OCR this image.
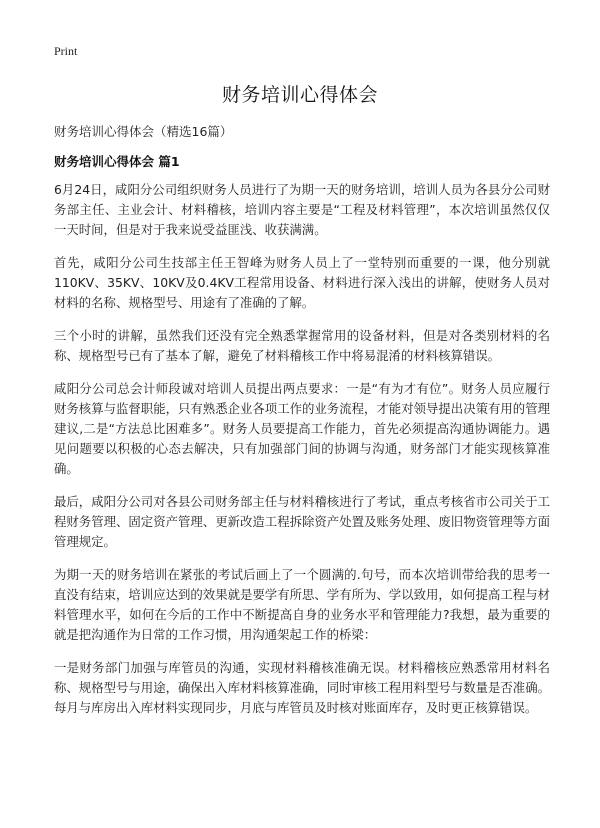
Print
财务培训心得体会
财务培训心得体会（精选16篇）
财务培训心得体会 篇1

6月24日，咸阳分公司组织财务人员进行了为期一天的财务培训，培训人员为各县分公司财务部主任、主业会计、材料稽核，培训内容主要是“工程及材料管理”，本次培训虽然仅仅一天时间，但是对于我来说受益匪浅、收获满满。

首先，咸阳分公司生技部主任王智峰为财务人员上了一堂特别而重要的一课，他分别就110KV、35KV、10KV及0.4KV工程常用设备、材料进行深入浅出的讲解，使财务人员对材料的名称、规格型号、用途有了准确的了解。

三个小时的讲解，虽然我们还没有完全熟悉掌握常用的设备材料，但是对各类别材料的名称、规格型号已有了基本了解，避免了材料稽核工作中将易混淆的材料核算错误。

咸阳分公司总会计师段诚对培训人员提出两点要求：一是“有为才有位”。财务人员应履行财务核算与监督职能，只有熟悉企业各项工作的业务流程，才能对领导提出决策有用的管理建议,二是“方法总比困难多”。财务人员要提高工作能力，首先必须提高沟通协调能力。遇见问题要以积极的心态去解决，只有加强部门间的协调与沟通，财务部门才能实现核算准确。

最后，咸阳分公司对各县公司财务部主任与材料稽核进行了考试，重点考核省市公司关于工程财务管理、固定资产管理、更新改造工程拆除资产处置及账务处理、废旧物资管理等方面管理规定。

为期一天的财务培训在紧张的考试后画上了一个圆满的.句号，而本次培训带给我的思考一直没有结束，培训应达到的效果就是要学有所思、学有所为、学以致用，如何提高工程与材料管理水平，如何在今后的工作中不断提高自身的业务水平和管理能力?我想，最为重要的就是把沟通作为日常的工作习惯，用沟通架起工作的桥梁：

一是财务部门加强与库管员的沟通，实现材料稽核准确无误。材料稽核应熟悉常用材料名称、规格型号与用途，确保出入库材料核算准确，同时审核工程用料型号与数量是否准确。每月与库房出入库材料实现同步，月底与库管员及时核对账面库存，及时更正核算错误。
